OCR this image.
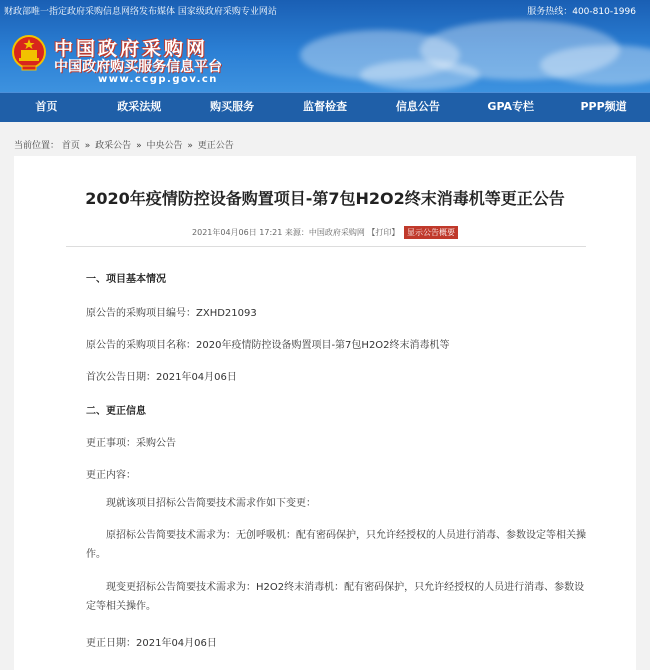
财政部唯一指定政府采购信息网络发布媒体 国家级政府采购专业网站	服务热线：400-810-1996
中国政府采购网
中国政府购买服务信息平台
www.ccgp.gov.cn
首页	政采法规	购买服务	监督检查	信息公告	GPA专栏	PPP频道
当前位置： 首页 » 政采公告 » 中央公告 » 更正公告
2020年疫情防控设备购置项目-第7包H2O2终末消毒机等更正公告
2021年04月06日 17:21 来源：中国政府采购网 【打印】 显示公告概要
一、项目基本情况
原公告的采购项目编号：ZXHD21093
原公告的采购项目名称：2020年疫情防控设备购置项目-第7包H2O2终末消毒机等
首次公告日期：2021年04月06日
二、更正信息
更正事项：采购公告
更正内容：
现就该项目招标公告简要技术需求作如下变更：
原招标公告简要技术需求为：无创呼吸机：配有密码保护，只允许经授权的人员进行消毒、参数设定等相关操作。
现变更招标公告简要技术需求为：H2O2终末消毒机：配有密码保护，只允许经授权的人员进行消毒、参数设定等相关操作。
更正日期：2021年04月06日
